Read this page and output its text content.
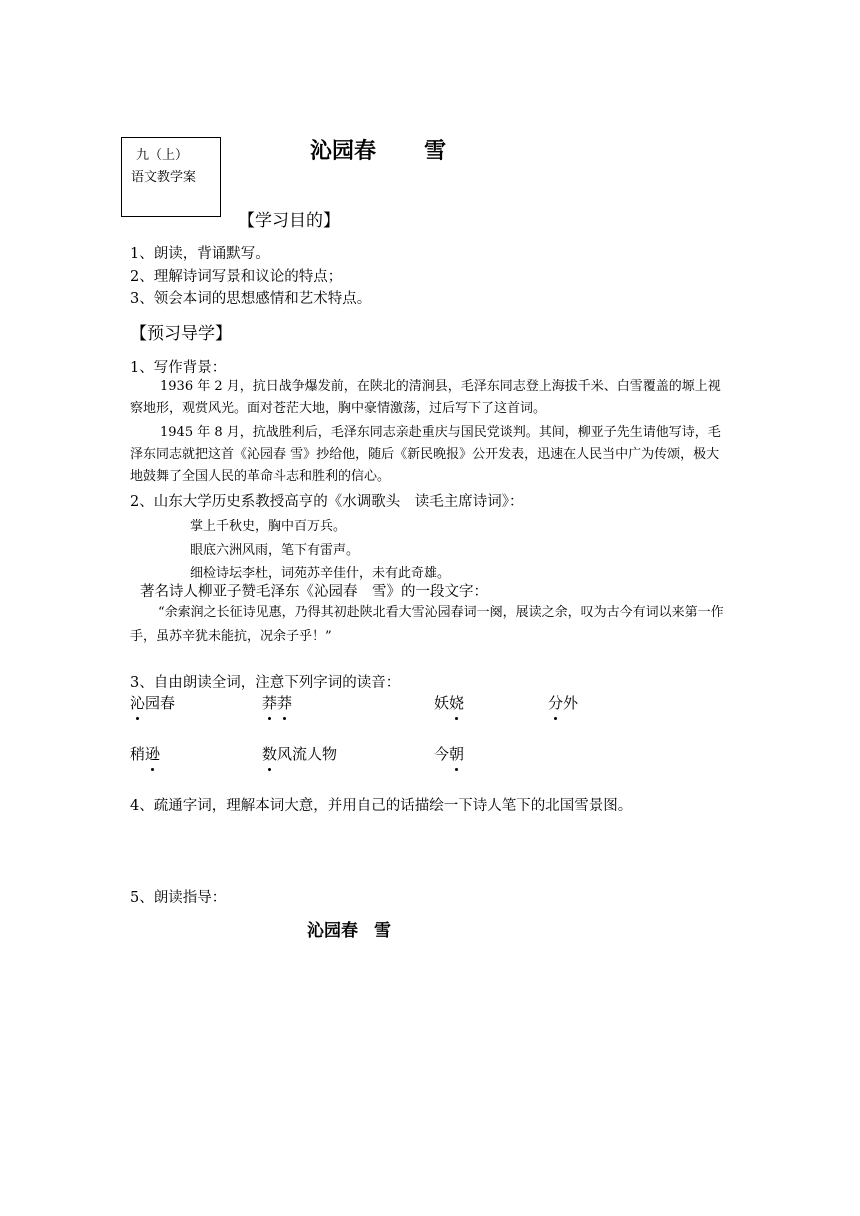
九（上）
语文教学案
沁园春 雪
【学习目的】
1、朗读，背诵默写。
2、理解诗词写景和议论的特点；
3、领会本词的思想感情和艺术特点。
【预习导学】
1、写作背景：
1936 年 2 月，抗日战争爆发前，在陕北的清涧县，毛泽东同志登上海拔千米、白雪覆盖的塬上视察地形，观赏风光。面对苍茫大地，胸中豪情激荡，过后写下了这首词。
1945 年 8 月，抗战胜利后，毛泽东同志亲赴重庆与国民党谈判。其间，柳亚子先生请他写诗，毛泽东同志就把这首《沁园春 雪》抄给他，随后《新民晚报》公开发表，迅速在人民当中广为传颂，极大地鼓舞了全国人民的革命斗志和胜利的信心。
2、山东大学历史系教授高亨的《水调歌头　读毛主席诗词》：
掌上千秋史，胸中百万兵。
眼底六洲风雨，笔下有雷声。
细检诗坛李杜，词苑苏辛佳什，未有此奇雄。
著名诗人柳亚子赞毛泽东《沁园春　雪》的一段文字：
“余索润之长征诗见惠，乃得其初赴陕北看大雪沁园春词一阕，展读之余，叹为古今有词以来第一作手，虽苏辛犹未能抗，况余子乎！”
3、自由朗读全词，注意下列字词的读音：
沁园春	莽莽	妖娆	分外
稍逊	数风流人物	今朝
4、疏通字词，理解本词大意，并用自己的话描绘一下诗人笔下的北国雪景图。
5、朗读指导：
沁园春 雪
